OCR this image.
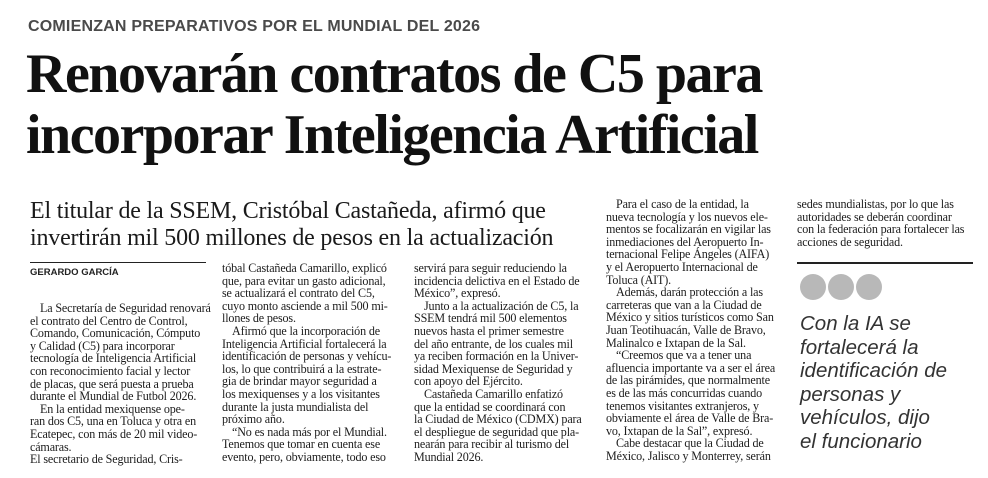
COMIENZAN PREPARATIVOS POR EL MUNDIAL DEL 2026
Renovarán contratos de C5 para
incorporar Inteligencia Artificial
El titular de la SSEM, Cristóbal Castañeda, afirmó que
invertirán mil 500 millones de pesos en la actualización
GERARDO GARCÍA
La Secretaría de Seguridad renovará
el contrato del Centro de Control,
Comando, Comunicación, Cómputo
y Calidad (C5) para incorporar
tecnología de Inteligencia Artificial
con reconocimiento facial y lector
de placas, que será puesta a prueba
durante el Mundial de Futbol 2026.
En la entidad mexiquense ope-
ran dos C5, una en Toluca y otra en
Ecatepec, con más de 20 mil video-
cámaras.
El secretario de Seguridad, Cris-
tóbal Castañeda Camarillo, explicó
que, para evitar un gasto adicional,
se actualizará el contrato del C5,
cuyo monto asciende a mil 500 mi-
llones de pesos.
Afirmó que la incorporación de
Inteligencia Artificial fortalecerá la
identificación de personas y vehícu-
los, lo que contribuirá a la estrate-
gia de brindar mayor seguridad a
los mexiquenses y a los visitantes
durante la justa mundialista del
próximo año.
“No es nada más por el Mundial.
Tenemos que tomar en cuenta ese
evento, pero, obviamente, todo eso
servirá para seguir reduciendo la
incidencia delictiva en el Estado de
México”, expresó.
Junto a la actualización de C5, la
SSEM tendrá mil 500 elementos
nuevos hasta el primer semestre
del año entrante, de los cuales mil
ya reciben formación en la Univer-
sidad Mexiquense de Seguridad y
con apoyo del Ejército.
Castañeda Camarillo enfatizó
que la entidad se coordinará con
la Ciudad de México (CDMX) para
el despliegue de seguridad que pla-
nearán para recibir al turismo del
Mundial 2026.
Para el caso de la entidad, la
nueva tecnología y los nuevos ele-
mentos se focalizarán en vigilar las
inmediaciones del Aeropuerto In-
ternacional Felipe Ángeles (AIFA)
y el Aeropuerto Internacional de
Toluca (AIT).
Además, darán protección a las
carreteras que van a la Ciudad de
México y sitios turísticos como San
Juan Teotihuacán, Valle de Bravo,
Malinalco e Ixtapan de la Sal.
“Creemos que va a tener una
afluencia importante va a ser el área
de las pirámides, que normalmente
es de las más concurridas cuando
tenemos visitantes extranjeros, y
obviamente el área de Valle de Bra-
vo, Ixtapan de la Sal”, expresó.
Cabe destacar que la Ciudad de
México, Jalisco y Monterrey, serán
sedes mundialistas, por lo que las
autoridades se deberán coordinar
con la federación para fortalecer las
acciones de seguridad.
Con la IA se
fortalecerá la
identificación de
personas y
vehículos, dijo
el funcionario
